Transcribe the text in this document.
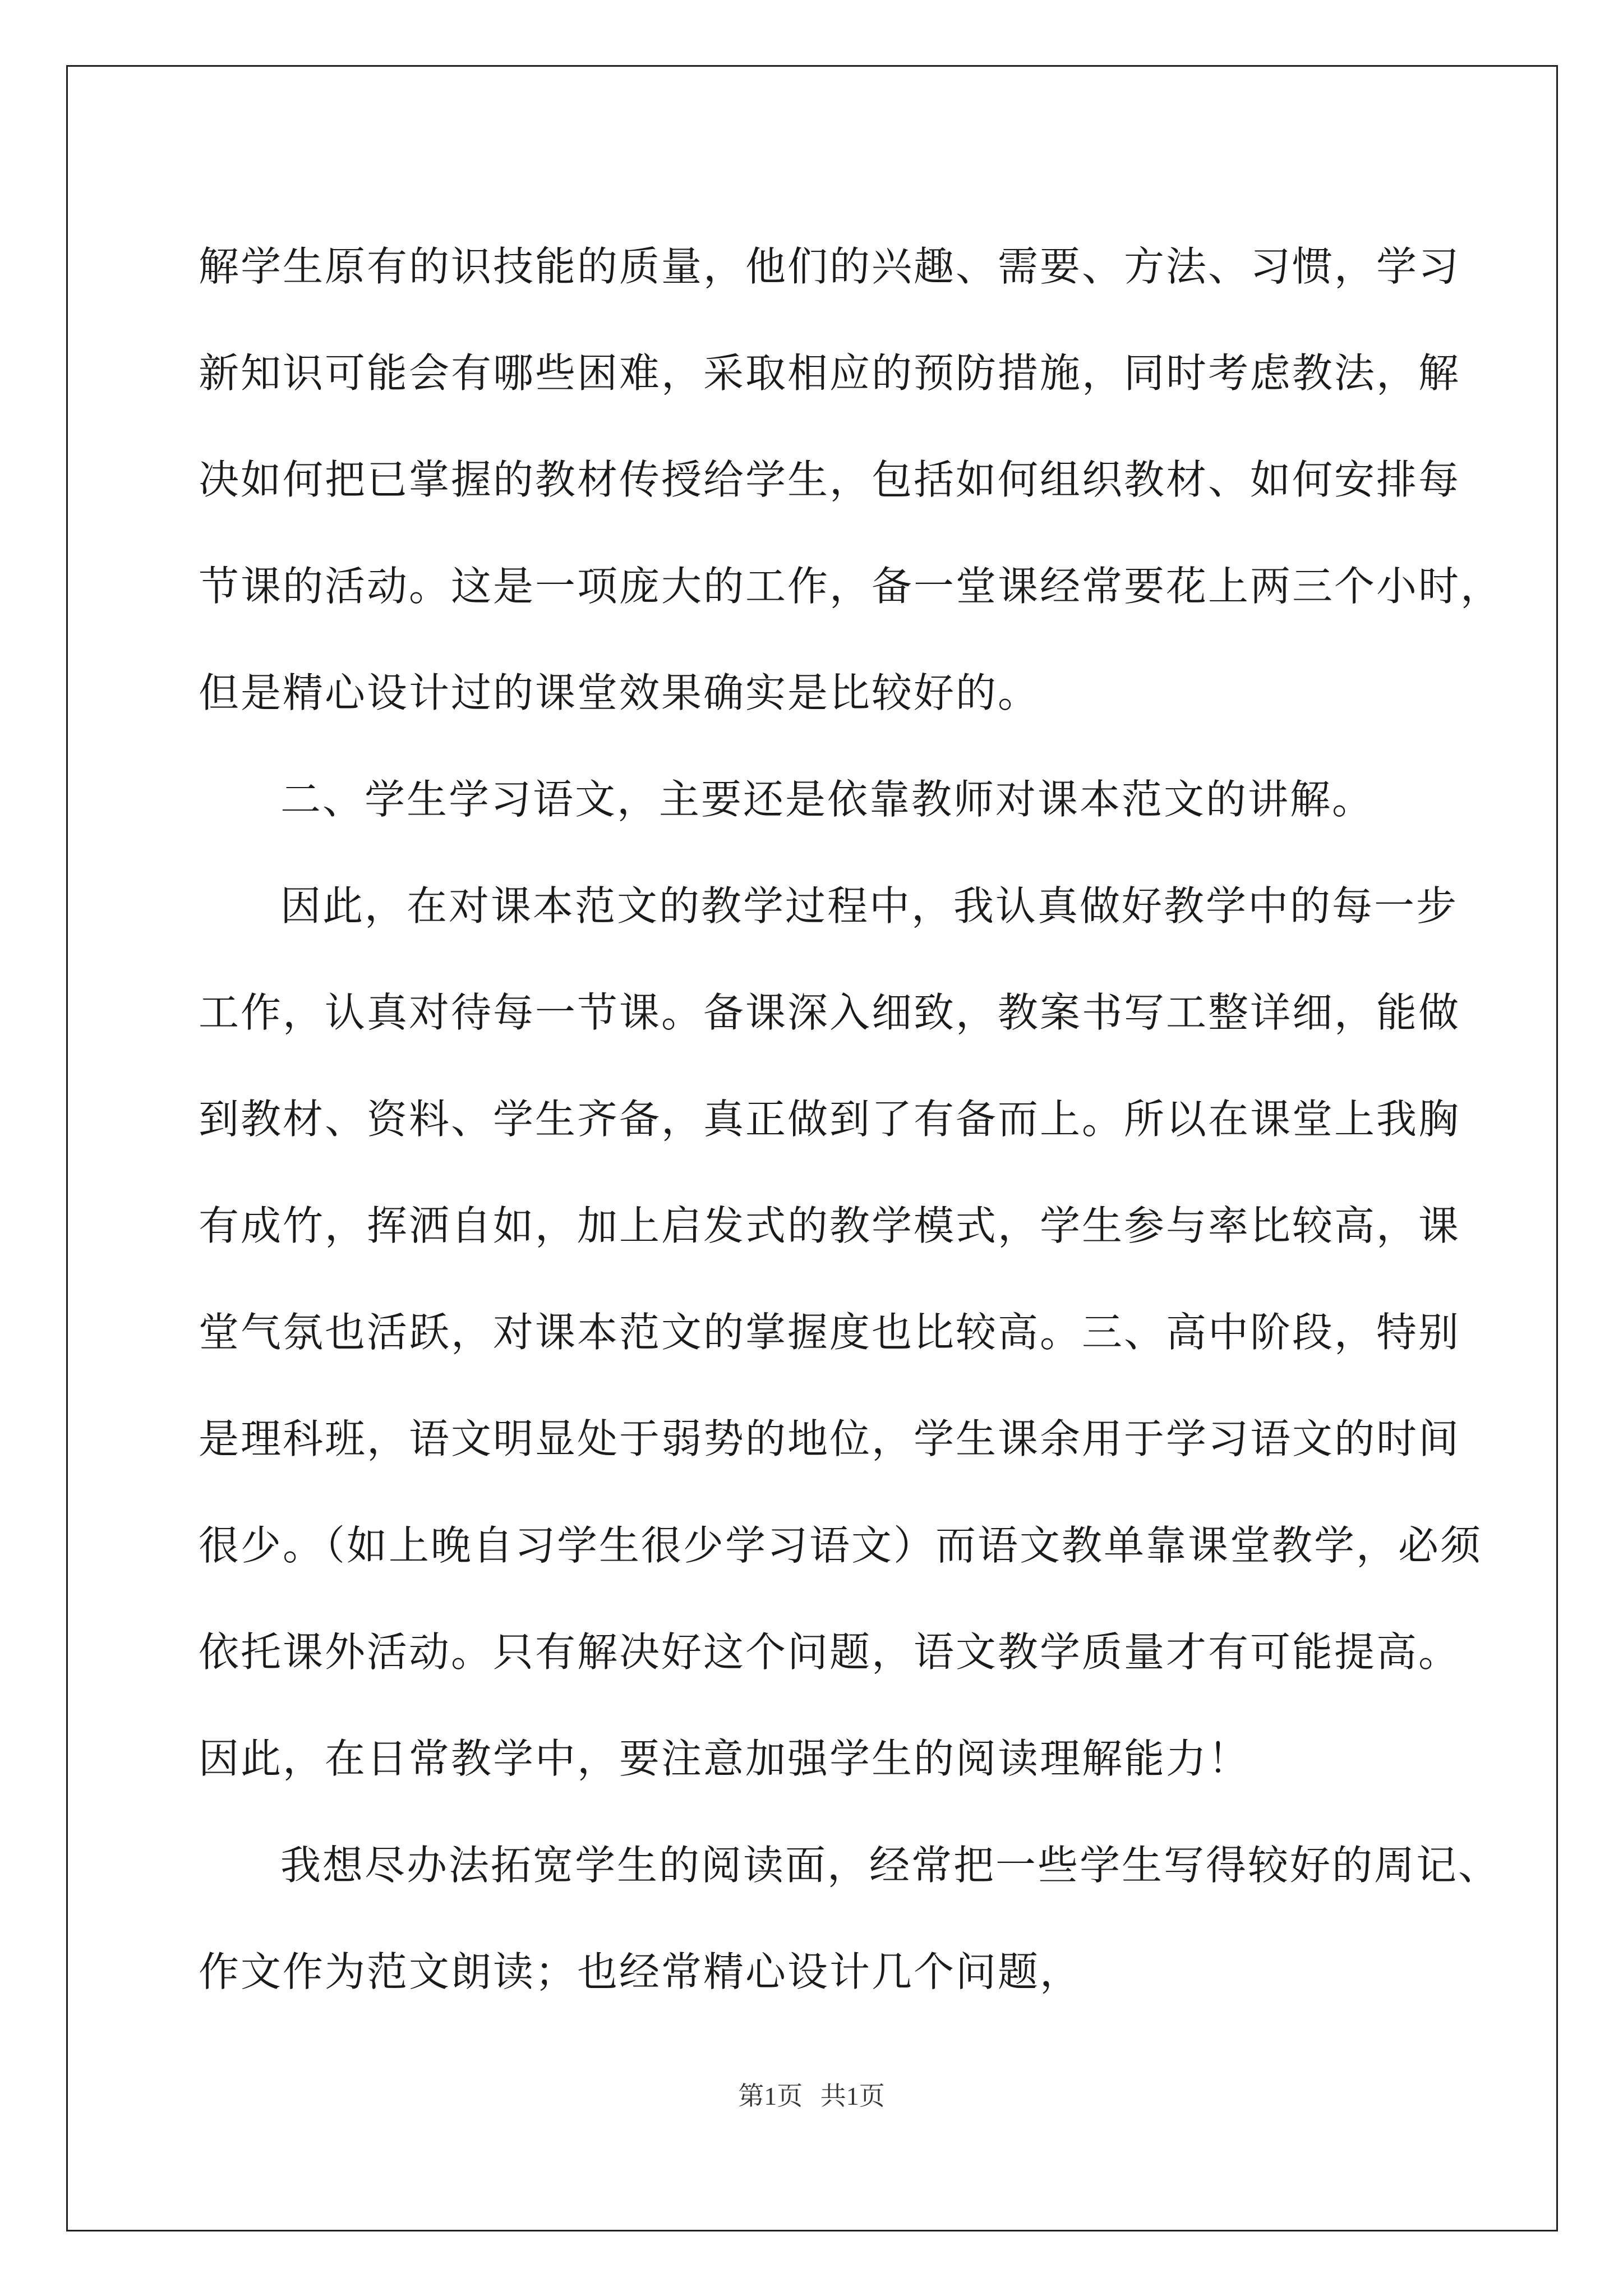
解学生原有的识技能的质量，他们的兴趣、需要、方法、习惯，学习
新知识可能会有哪些困难，采取相应的预防措施，同时考虑教法，解
决如何把已掌握的教材传授给学生，包括如何组织教材、如何安排每
节课的活动。这是一项庞大的工作，备一堂课经常要花上两三个小时，
但是精心设计过的课堂效果确实是比较好的。
二、学生学习语文，主要还是依靠教师对课本范文的讲解。
因此，在对课本范文的教学过程中，我认真做好教学中的每一步
工作，认真对待每一节课。备课深入细致，教案书写工整详细，能做
到教材、资料、学生齐备，真正做到了有备而上。所以在课堂上我胸
有成竹，挥洒自如，加上启发式的教学模式，学生参与率比较高，课
堂气氛也活跃，对课本范文的掌握度也比较高。三、高中阶段，特别
是理科班，语文明显处于弱势的地位，学生课余用于学习语文的时间
很少。（如上晚自习学生很少学习语文）而语文教单靠课堂教学，必须
依托课外活动。只有解决好这个问题，语文教学质量才有可能提高。
因此，在日常教学中，要注意加强学生的阅读理解能力！
我想尽办法拓宽学生的阅读面，经常把一些学生写得较好的周记、
作文作为范文朗读；也经常精心设计几个问题，
第1页 共1页
